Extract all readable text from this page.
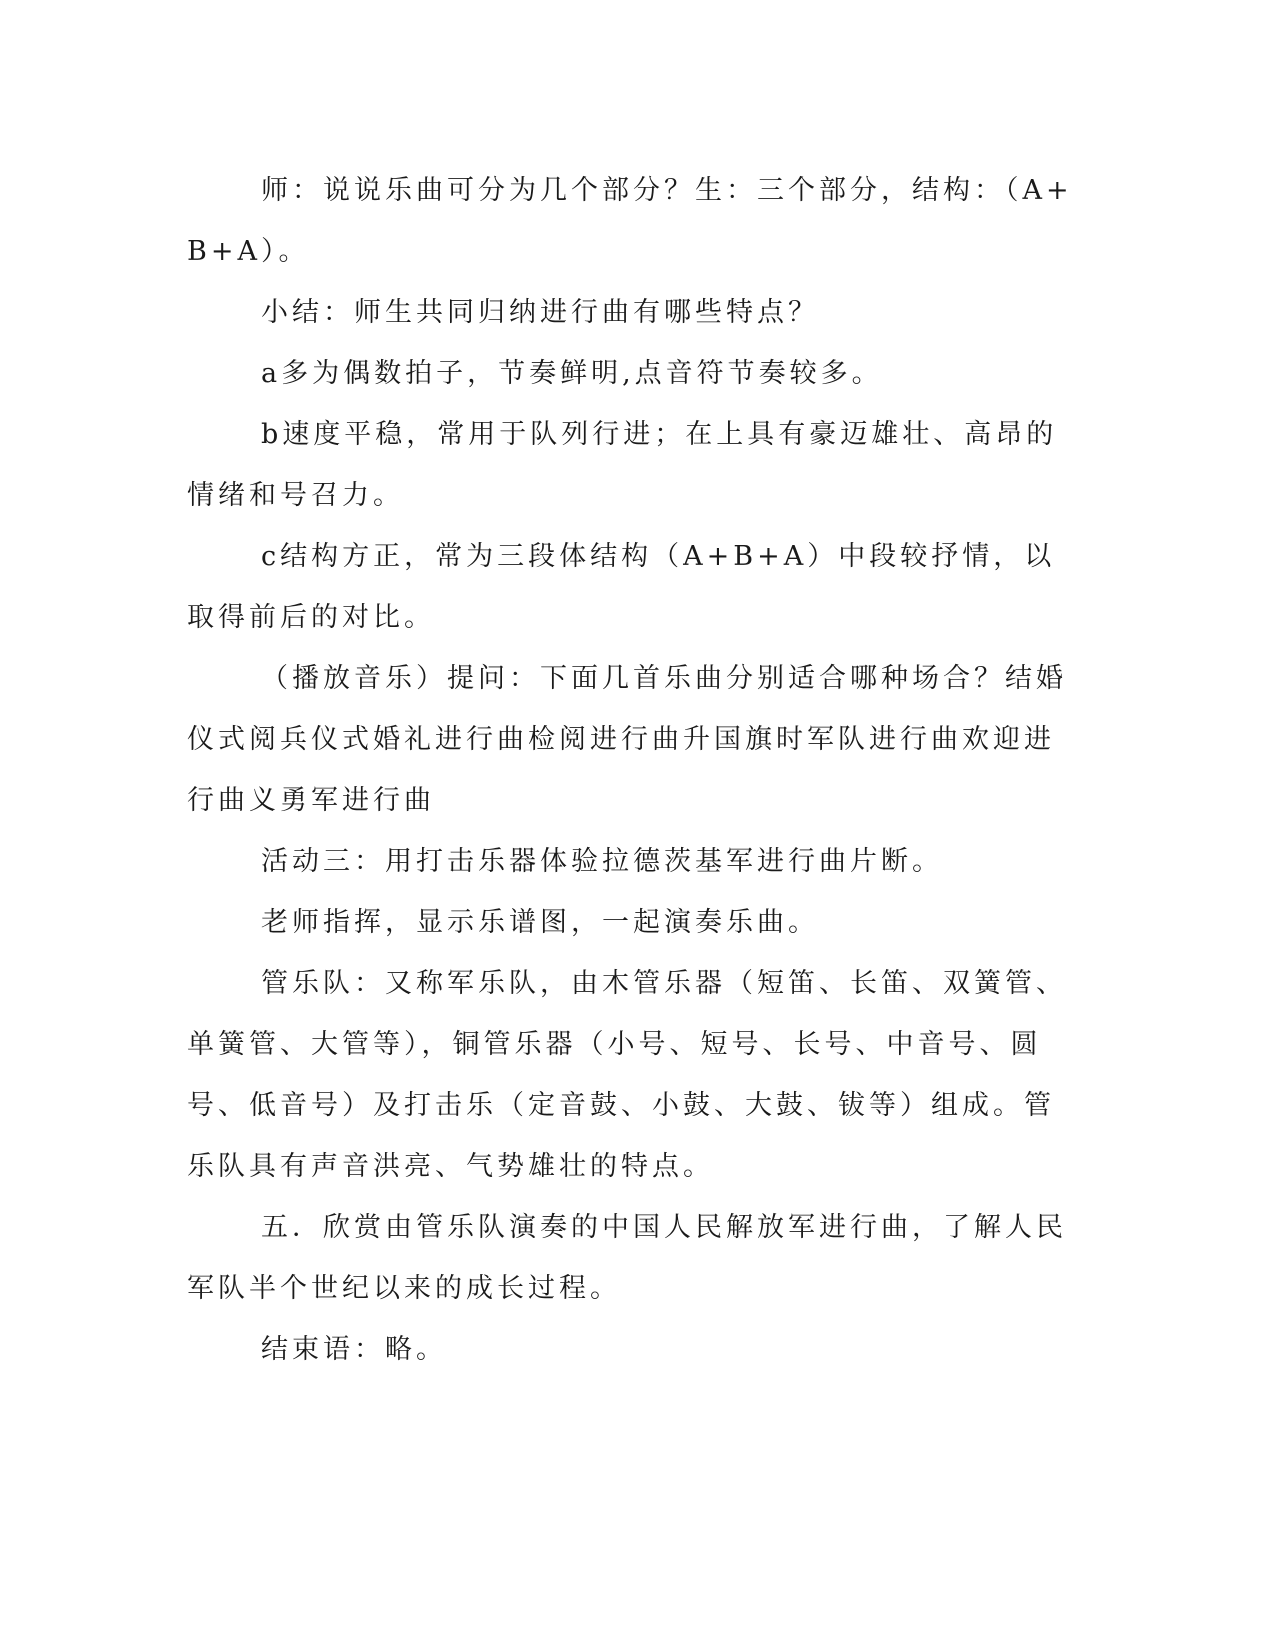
师：说说乐曲可分为几个部分？生：三个部分，结构：（A+B+A）。

小结：师生共同归纳进行曲有哪些特点？

a多为偶数拍子，节奏鲜明,点音符节奏较多。

b速度平稳，常用于队列行进；在上具有豪迈雄壮、高昂的情绪和号召力。

c结构方正，常为三段体结构（A+B+A）中段较抒情，以取得前后的对比。

（播放音乐）提问：下面几首乐曲分别适合哪种场合？结婚仪式阅兵仪式婚礼进行曲检阅进行曲升国旗时军队进行曲欢迎进行曲义勇军进行曲

活动三：用打击乐器体验拉德茨基军进行曲片断。

老师指挥，显示乐谱图，一起演奏乐曲。

管乐队：又称军乐队，由木管乐器（短笛、长笛、双簧管、单簧管、大管等），铜管乐器（小号、短号、长号、中音号、圆号、低音号）及打击乐（定音鼓、小鼓、大鼓、钹等）组成。管乐队具有声音洪亮、气势雄壮的特点。

五．欣赏由管乐队演奏的中国人民解放军进行曲，了解人民军队半个世纪以来的成长过程。

结束语：略。
